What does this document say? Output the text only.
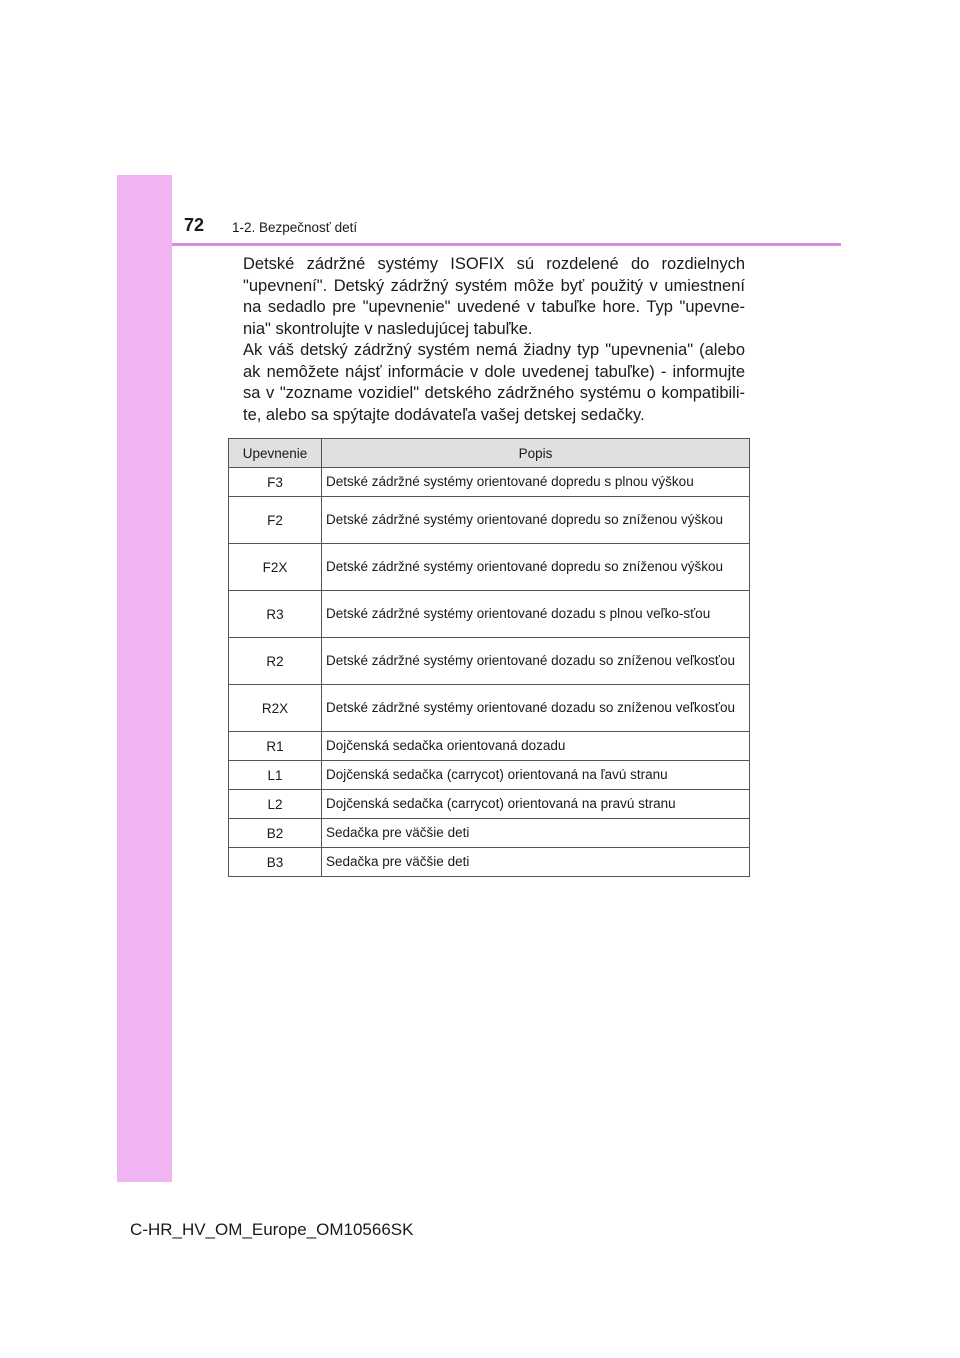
72 1-2. Bezpečnosť detí

Detské zádržné systémy ISOFIX sú rozdelené do rozdielnych "upevnení". Detský zádržný systém môže byť použitý v umiestnení na sedadlo pre "upevnenie" uvedené v tabuľke hore. Typ "upevne-nia" skontrolujte v nasledujúcej tabuľke.

Ak váš detský zádržný systém nemá žiadny typ "upevnenia" (alebo ak nemôžete nájsť informácie v dole uvedenej tabuľke) - informujte sa v "zozname vozidiel" detského zádržného systému o kompatibili-te, alebo sa spýtajte dodávateľa vašej detskej sedačky.

Upevnenie	Popis
F3	Detské zádržné systémy orientované dopredu s plnou výškou
F2	Detské zádržné systémy orientované dopredu so zníženou výškou
F2X	Detské zádržné systémy orientované dopredu so zníženou výškou
R3	Detské zádržné systémy orientované dozadu s plnou veľko-sťou
R2	Detské zádržné systémy orientované dozadu so zníženou veľkosťou
R2X	Detské zádržné systémy orientované dozadu so zníženou veľkosťou
R1	Dojčenská sedačka orientovaná dozadu
L1	Dojčenská sedačka (carrycot) orientovaná na ľavú stranu
L2	Dojčenská sedačka (carrycot) orientovaná na pravú stranu
B2	Sedačka pre väčšie deti
B3	Sedačka pre väčšie deti
C-HR_HV_OM_Europe_OM10566SK
